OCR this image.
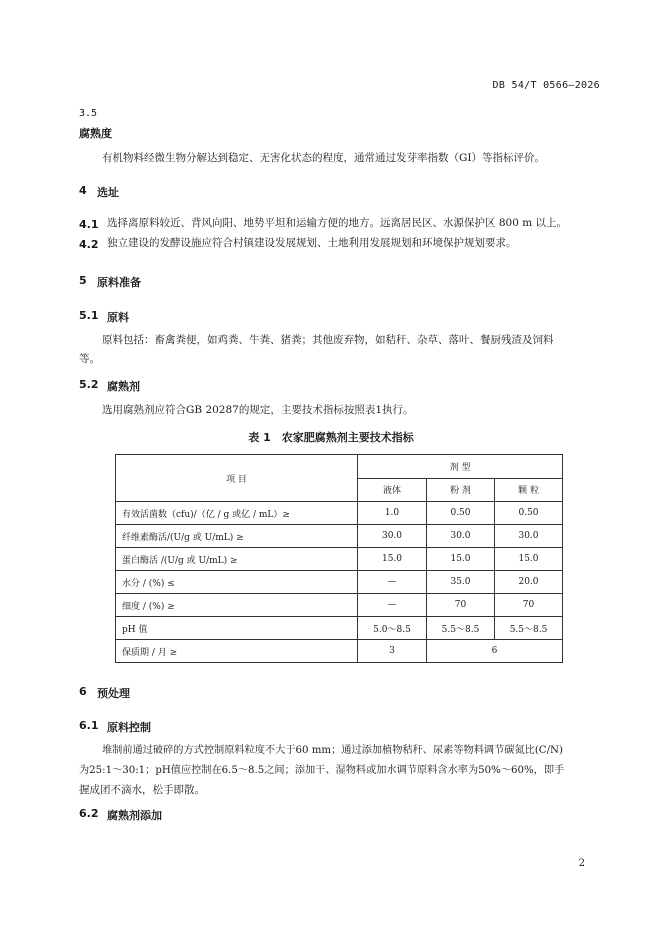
DB 54/T 0566—2026
3.5
腐熟度
有机物料经微生物分解达到稳定、无害化状态的程度，通常通过发芽率指数（GI）等指标评价。
4 选址
4.1 选择离原料较近、背风向阳、地势平坦和运输方便的地方。远离居民区、水源保护区 800 m 以上。
4.2 独立建设的发酵设施应符合村镇建设发展规划、土地利用发展规划和环境保护规划要求。
5 原料准备
5.1 原料
原料包括：畜禽粪便，如鸡粪、牛粪、猪粪；其他废弃物，如秸秆、杂草、落叶、餐厨残渣及饲料
等。
5.2 腐熟剂
选用腐熟剂应符合GB 20287的规定，主要技术指标按照表1执行。
表 1　农家肥腐熟剂主要技术指标
项 目	剂 型		
	液体	粉 剂	颗 粒
有效活菌数（cfu)/（亿 / g 或亿 / mL）≥	1.0	0.50	0.50
纤维素酶活/(U/g 或 U/mL) ≥	30.0	30.0	30.0
蛋白酶活 /(U/g 或 U/mL) ≥	15.0	15.0	15.0
水分 / (%) ≤	—	35.0	20.0
细度 / (%) ≥	—	70	70
pH 值	5.0～8.5	5.5～8.5	5.5～8.5
保质期 / 月 ≥	3	6	
6 预处理
6.1 原料控制
堆制前通过破碎的方式控制原料粒度不大于60 mm；通过添加植物秸秆、尿素等物料调节碳氮比(C/N)
为25:1～30:1；pH值应控制在6.5～8.5之间；添加干、湿物料或加水调节原料含水率为50%～60%，即手
握成团不滴水，松手即散。
6.2 腐熟剂添加
2
